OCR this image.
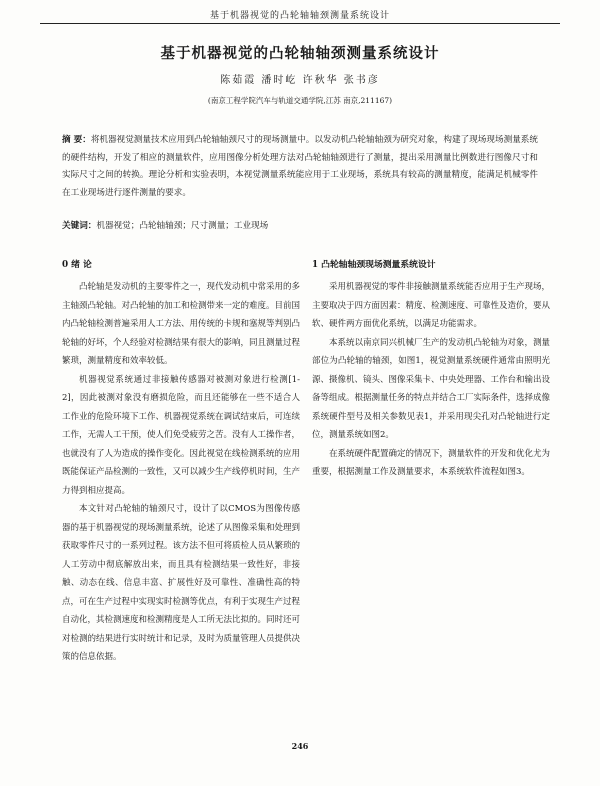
基于机器视觉的凸轮轴轴颈测量系统设计
基于机器视觉的凸轮轴轴颈测量系统设计
陈茹霞 潘时屹 许秋华 张书彦
(南京工程学院汽车与轨道交通学院,江苏 南京,211167)
摘 要：将机器视觉测量技术应用到凸轮轴轴颈尺寸的现场测量中。以发动机凸轮轴轴颈为研究对象，构建了现场现场测量系统的硬件结构，开发了相应的测量软件，应用图像分析处理方法对凸轮轴轴颈进行了测量，提出采用测量比例数进行图像尺寸和实际尺寸之间的转换。理论分析和实验表明，本视觉测量系统能应用于工业现场，系统具有较高的测量精度，能满足机械零件在工业现场进行逐件测量的要求。
关键词：机器视觉；凸轮轴轴颈；尺寸测量；工业现场
0 绪 论

凸轮轴是发动机的主要零件之一，现代发动机中常采用的多主轴颈凸轮轴。对凸轮轴的加工和检测带来一定的难度。目前国内凸轮轴检测普遍采用人工方法、用传统的卡规和塞规等判别凸轮轴的好坏，个人经验对检测结果有很大的影响，同且测量过程繁琐，测量精度和效率较低。

机器视觉系统通过非接触传感器对被测对象进行检测[1-2]，因此被测对象没有磨损危险，而且还能够在一些不适合人工作业的危险环境下工作、机器视觉系统在调试结束后，可连续工作，无需人工干预，使人们免受疲劳之苦。没有人工操作者，也就没有了人为造成的操作变化。因此视觉在线检测系统的应用既能保证产品检测的一致性，又可以减少生产线停机时间，生产力得到相应提高。

本文针对凸轮轴的轴颈尺寸，设计了以CMOS为图像传感器的基于机器视觉的现场测量系统，论述了从图像采集和处理到获取零件尺寸的一系列过程。该方法不但可将质检人员从繁琐的人工劳动中彻底解放出来，而且具有检测结果一致性好，非接触、动态在线、信息丰富、扩展性好及可靠性、准确性高的特点，可在生产过程中实现实时检测等优点，有利于实现生产过程自动化，其检测速度和检测精度是人工所无法比拟的。同时还可对检测的结果进行实时统计和记录，及时为质量管理人员提供决策的信息依据。

1 凸轮轴轴颈现场测量系统设计

采用机器视觉的零件非接触测量系统能否应用于生产现场，主要取决于四方面因素：精度、检测速度、可靠性及造价，要从软、硬件两方面优化系统，以满足功能需求。

本系统以南京同兴机械厂生产的发动机凸轮轴为对象，测量部位为凸轮轴的轴颈，如图1，视觉测量系统硬件通常由照明光源、摄像机、镜头、图像采集卡、中央处理器、工作台和输出设备等组成。根据测量任务的特点并结合工厂实际条件，选择成像系统硬件型号及相关参数见表1，并采用现尖孔对凸轮轴进行定位，测量系统如图2。

在系统硬件配置确定的情况下，测量软件的开发和优化尤为重要，根据测量工作及测量要求，本系统软件流程如图3。

246
